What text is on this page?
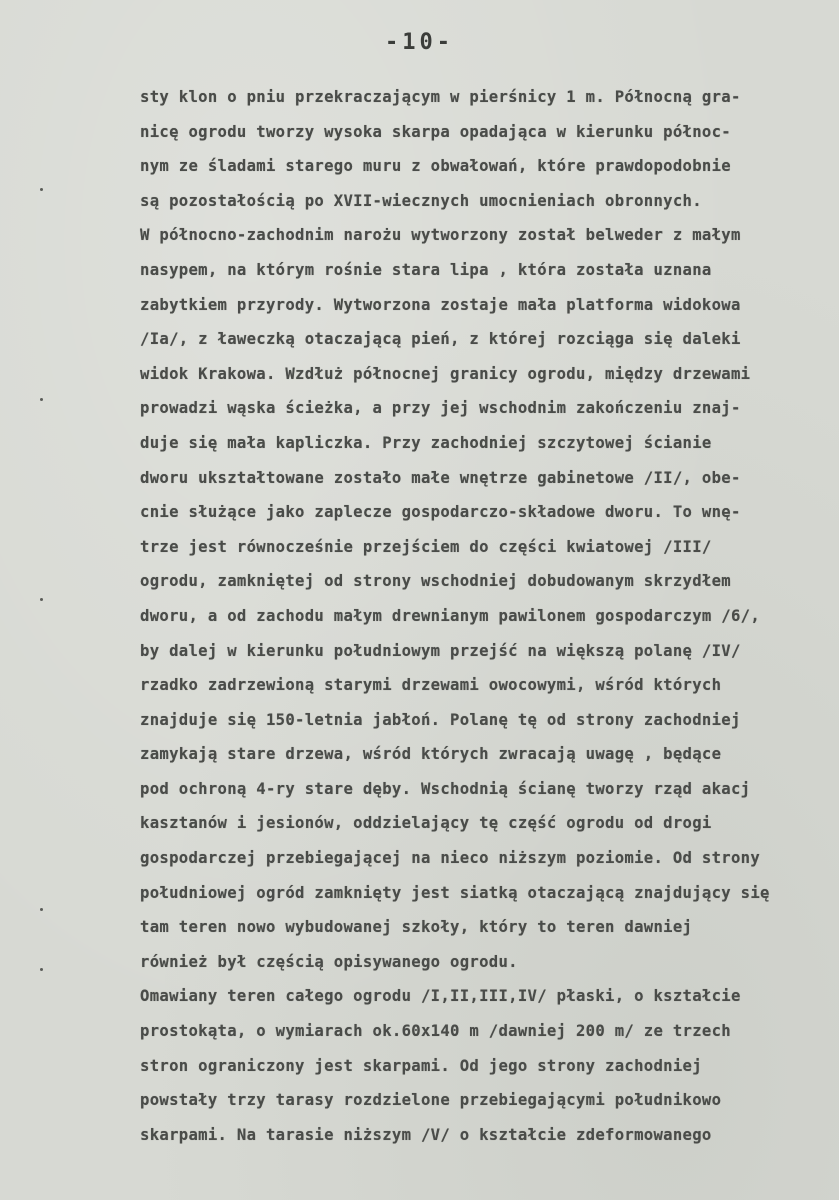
-10-
sty klon o pniu przekraczającym w pierśnicy 1 m. Północną gra-
nicę ogrodu tworzy wysoka skarpa opadająca w kierunku północ-
nym ze śladami starego muru z obwałowań, które prawdopodobnie
są pozostałością po XVII-wiecznych umocnieniach obronnych.
W północno-zachodnim narożu wytworzony został belweder z małym
nasypem, na którym rośnie stara lipa , która została uznana
zabytkiem przyrody. Wytworzona zostaje mała platforma widokowa
/Ia/, z ławeczką otaczającą pień, z której rozciąga się daleki
widok Krakowa. Wzdłuż północnej granicy ogrodu, między drzewami
prowadzi wąska ścieżka, a przy jej wschodnim zakończeniu znaj-
duje się mała kapliczka. Przy zachodniej szczytowej ścianie
dworu ukształtowane zostało małe wnętrze gabinetowe /II/, obe-
cnie służące jako zaplecze gospodarczo-składowe dworu. To wnę-
trze jest równocześnie przejściem do części kwiatowej /III/
ogrodu, zamkniętej od strony wschodniej dobudowanym skrzydłem
dworu, a od zachodu małym drewnianym pawilonem gospodarczym /6/,
by dalej w kierunku południowym przejść na większą polanę /IV/
rzadko zadrzewioną starymi drzewami owocowymi, wśród których
znajduje się 150-letnia jabłoń. Polanę tę od strony zachodniej
zamykają stare drzewa, wśród których zwracają uwagę , będące
pod ochroną 4-ry stare dęby. Wschodnią ścianę tworzy rząd akacj
kasztanów i jesionów, oddzielający tę część ogrodu od drogi
gospodarczej przebiegającej na nieco niższym poziomie. Od strony
południowej ogród zamknięty jest siatką otaczającą znajdujący się
tam teren nowo wybudowanej szkoły, który to teren dawniej
również był częścią opisywanego ogrodu.
Omawiany teren całego ogrodu /I,II,III,IV/ płaski, o kształcie
prostokąta, o wymiarach ok.60x140 m /dawniej 200 m/ ze trzech
stron ograniczony jest skarpami. Od jego strony zachodniej
powstały trzy tarasy rozdzielone przebiegającymi południkowo
skarpami. Na tarasie niższym /V/ o kształcie zdeformowanego
